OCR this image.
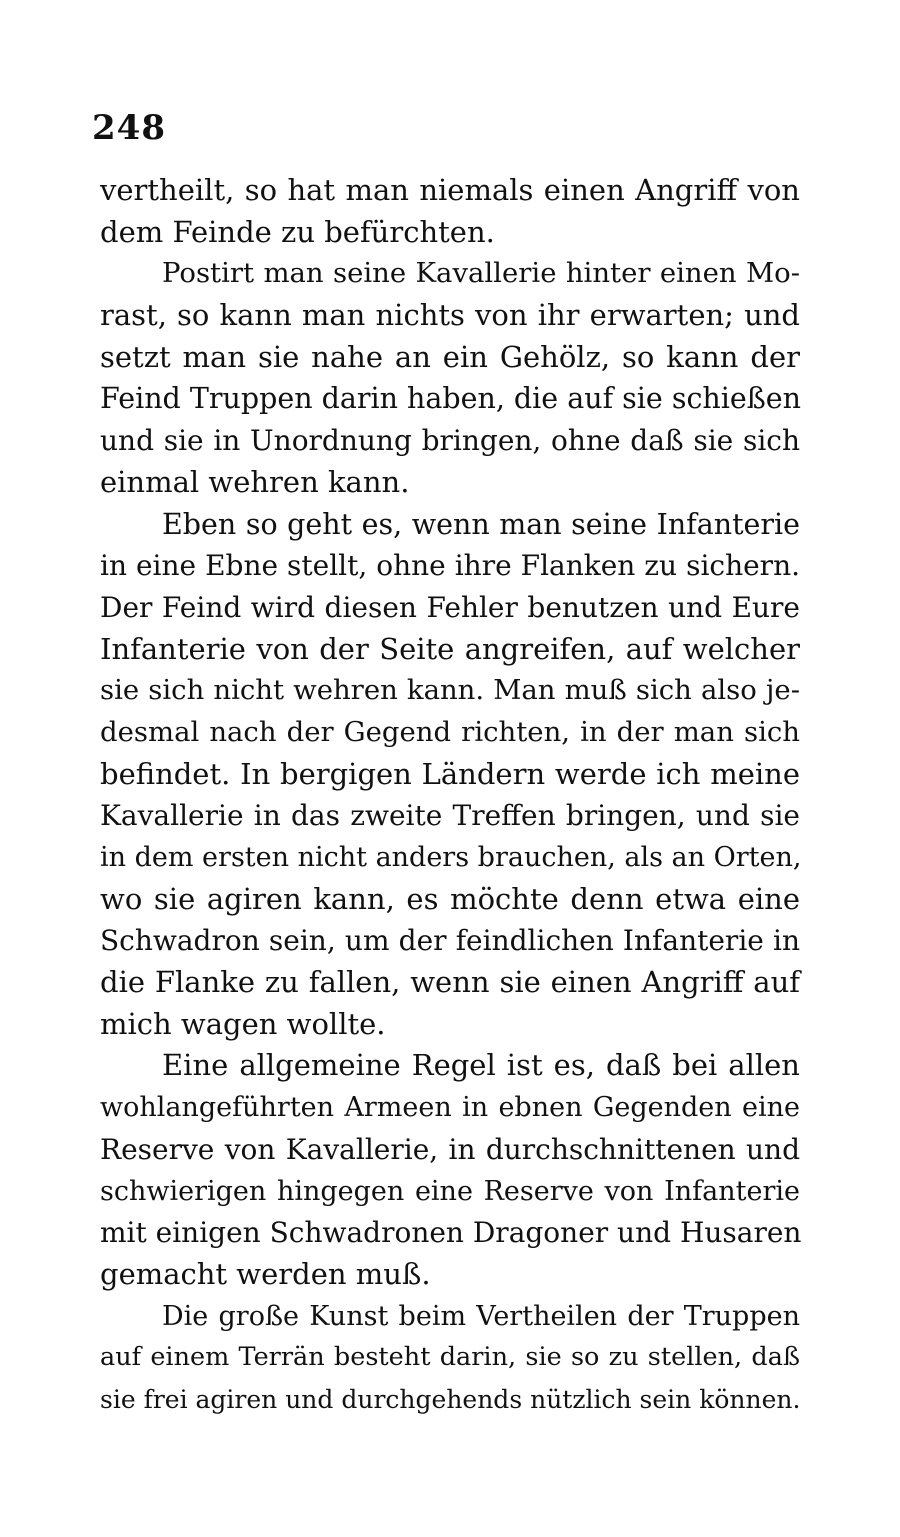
248
vertheilt, so hat man niemals einen Angriff von
dem Feinde zu befürchten.
Postirt man seine Kavallerie hinter einen Mo-
rast, so kann man nichts von ihr erwarten; und
setzt man sie nahe an ein Gehölz, so kann der
Feind Truppen darin haben, die auf sie schießen
und sie in Unordnung bringen, ohne daß sie sich
einmal wehren kann.
Eben so geht es, wenn man seine Infanterie
in eine Ebne stellt, ohne ihre Flanken zu sichern.
Der Feind wird diesen Fehler benutzen und Eure
Infanterie von der Seite angreifen, auf welcher
sie sich nicht wehren kann. Man muß sich also je-
desmal nach der Gegend richten, in der man sich
befindet. In bergigen Ländern werde ich meine
Kavallerie in das zweite Treffen bringen, und sie
in dem ersten nicht anders brauchen, als an Orten,
wo sie agiren kann, es möchte denn etwa eine
Schwadron sein, um der feindlichen Infanterie in
die Flanke zu fallen, wenn sie einen Angriff auf
mich wagen wollte.
Eine allgemeine Regel ist es, daß bei allen
wohlangeführten Armeen in ebnen Gegenden eine
Reserve von Kavallerie, in durchschnittenen und
schwierigen hingegen eine Reserve von Infanterie
mit einigen Schwadronen Dragoner und Husaren
gemacht werden muß.
Die große Kunst beim Vertheilen der Truppen
auf einem Terrän besteht darin, sie so zu stellen, daß
sie frei agiren und durchgehends nützlich sein können.
